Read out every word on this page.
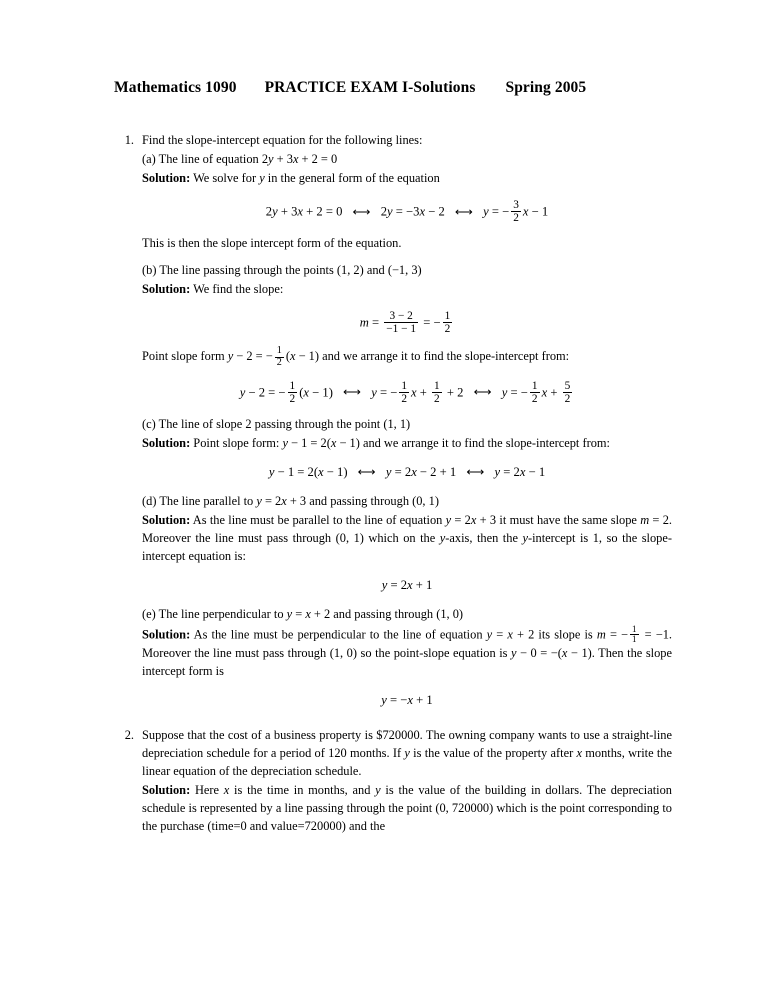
Mathematics 1090 PRACTICE EXAM I-Solutions Spring 2005
1. Find the slope-intercept equation for the following lines:

(a) The line of equation 2y + 3x + 2 = 0

Solution: We solve for y in the general form of the equation

2y + 3x + 2 = 0 ⟷ 2y = −3x − 2 ⟷ y = − $\frac{3}{2}$ x − 1

This is then the slope intercept form of the equation.

(b) The line passing through the points (1, 2) and (−1, 3)

Solution: We find the slope:

$m = \frac{3 - 2}{-1 - 1}$ = − $\frac{1}{2}$

Point slope form y − 2 = − $\frac{1}{2} (x - 1)$ and we arrange it to find the slope-intercept from:

y − 2 = − $\frac{1}{2} (x - 1)$ ⟷ y = − $\frac{1}{2}$ $x + \frac{1}{2} + 2$ ⟷ y = − $\frac{1}{2}$ $x + \frac{5}{2}$

(c) The line of slope 2 passing through the point (1, 1)

Solution: Point slope form: y − 1 = 2(x − 1) and we arrange it to find the slope-intercept from:

y − 1 = 2(x − 1) ⟷ y = 2x − 2 + 1 ⟷ y = 2x − 1

(d) The line parallel to y = 2x + 3 and passing through (0, 1)

Solution: As the line must be parallel to the line of equation y = 2x + 3 it must have the same slope m = 2. Moreover the line must pass through (0, 1) which on the y-axis, then the y-intercept is 1, so the slope-intercept equation is:

y = 2x + 1

(e) The line perpendicular to y = x + 2 and passing through (1, 0)

Solution: As the line must be perpendicular to the line of equation y = x + 2 its slope is m = − $\frac{1}{1} = -1$. Moreover the line must pass through (1, 0) so the point-slope equation is y − 0 = −(x − 1). Then the slope intercept form is

y = −x + 1
2. Suppose that the cost of a business property is $720000. The owning company wants to use a straight-line depreciation schedule for a period of 120 months. If y is the value of the property after x months, write the linear equation of the depreciation schedule.

Solution: Here x is the time in months, and y is the value of the building in dollars. The depreciation schedule is represented by a line passing through the point (0, 720000) which is the point corresponding to the purchase (time=0 and value=720000) and the
